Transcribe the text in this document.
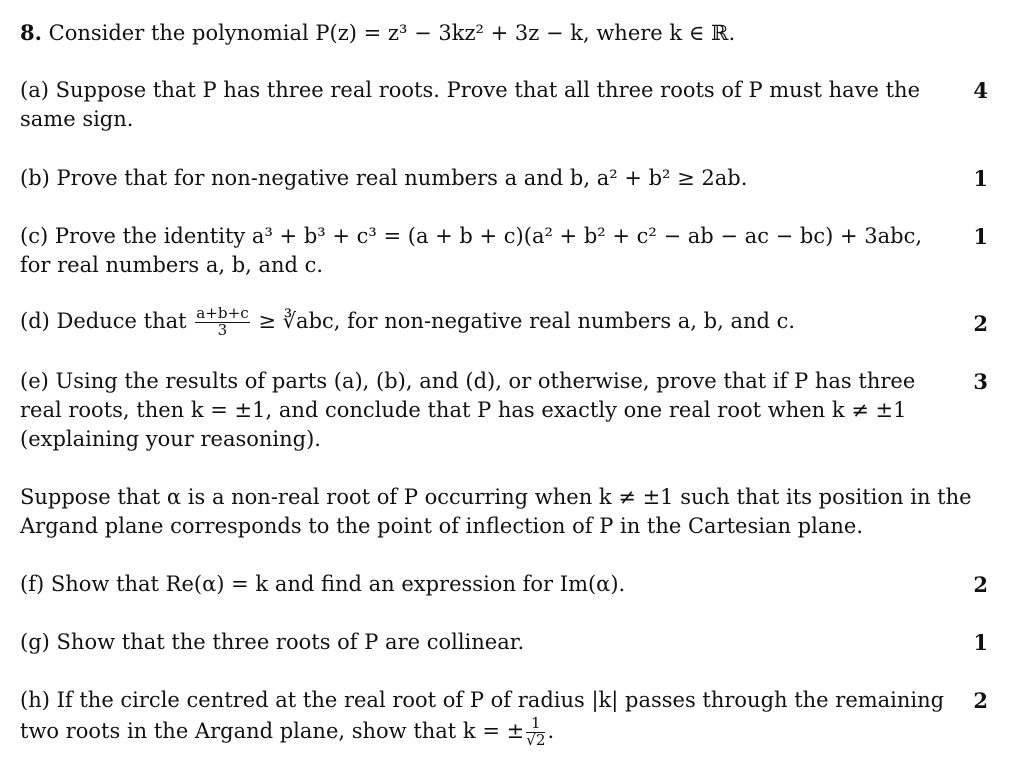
8. Consider the polynomial P(z) = z³ − 3kz² + 3z − k, where k ∈ ℝ.
(a) Suppose that P has three real roots. Prove that all three roots of P must have the	4
same sign.
(b) Prove that for non-negative real numbers a and b, a² + b² ≥ 2ab.	1
(c) Prove the identity a³ + b³ + c³ = (a + b + c)(a² + b² + c² − ab − ac − bc) + 3abc, 1
for real numbers a, b, and c.
(d) Deduce that $\frac{a+b+c}{3}$ ≥ ∛abc, for non-negative real numbers a, b, and c.	2
(e) Using the results of parts (a), (b), and (d), or otherwise, prove that if P has three	3
real roots, then k = ±1, and conclude that P has exactly one real root when k ≠ ±1
(explaining your reasoning).
Suppose that α is a non-real root of P occurring when k ≠ ±1 such that its position in the
Argand plane corresponds to the point of inflection of P in the Cartesian plane.
(f) Show that Re(α) = k and find an expression for Im(α).	2
(g) Show that the three roots of P are collinear.	1
(h) If the circle centred at the real root of P of radius |k| passes through the remaining 2
two roots in the Argand plane, show that k = ± $\frac{1}{√2}$ .
